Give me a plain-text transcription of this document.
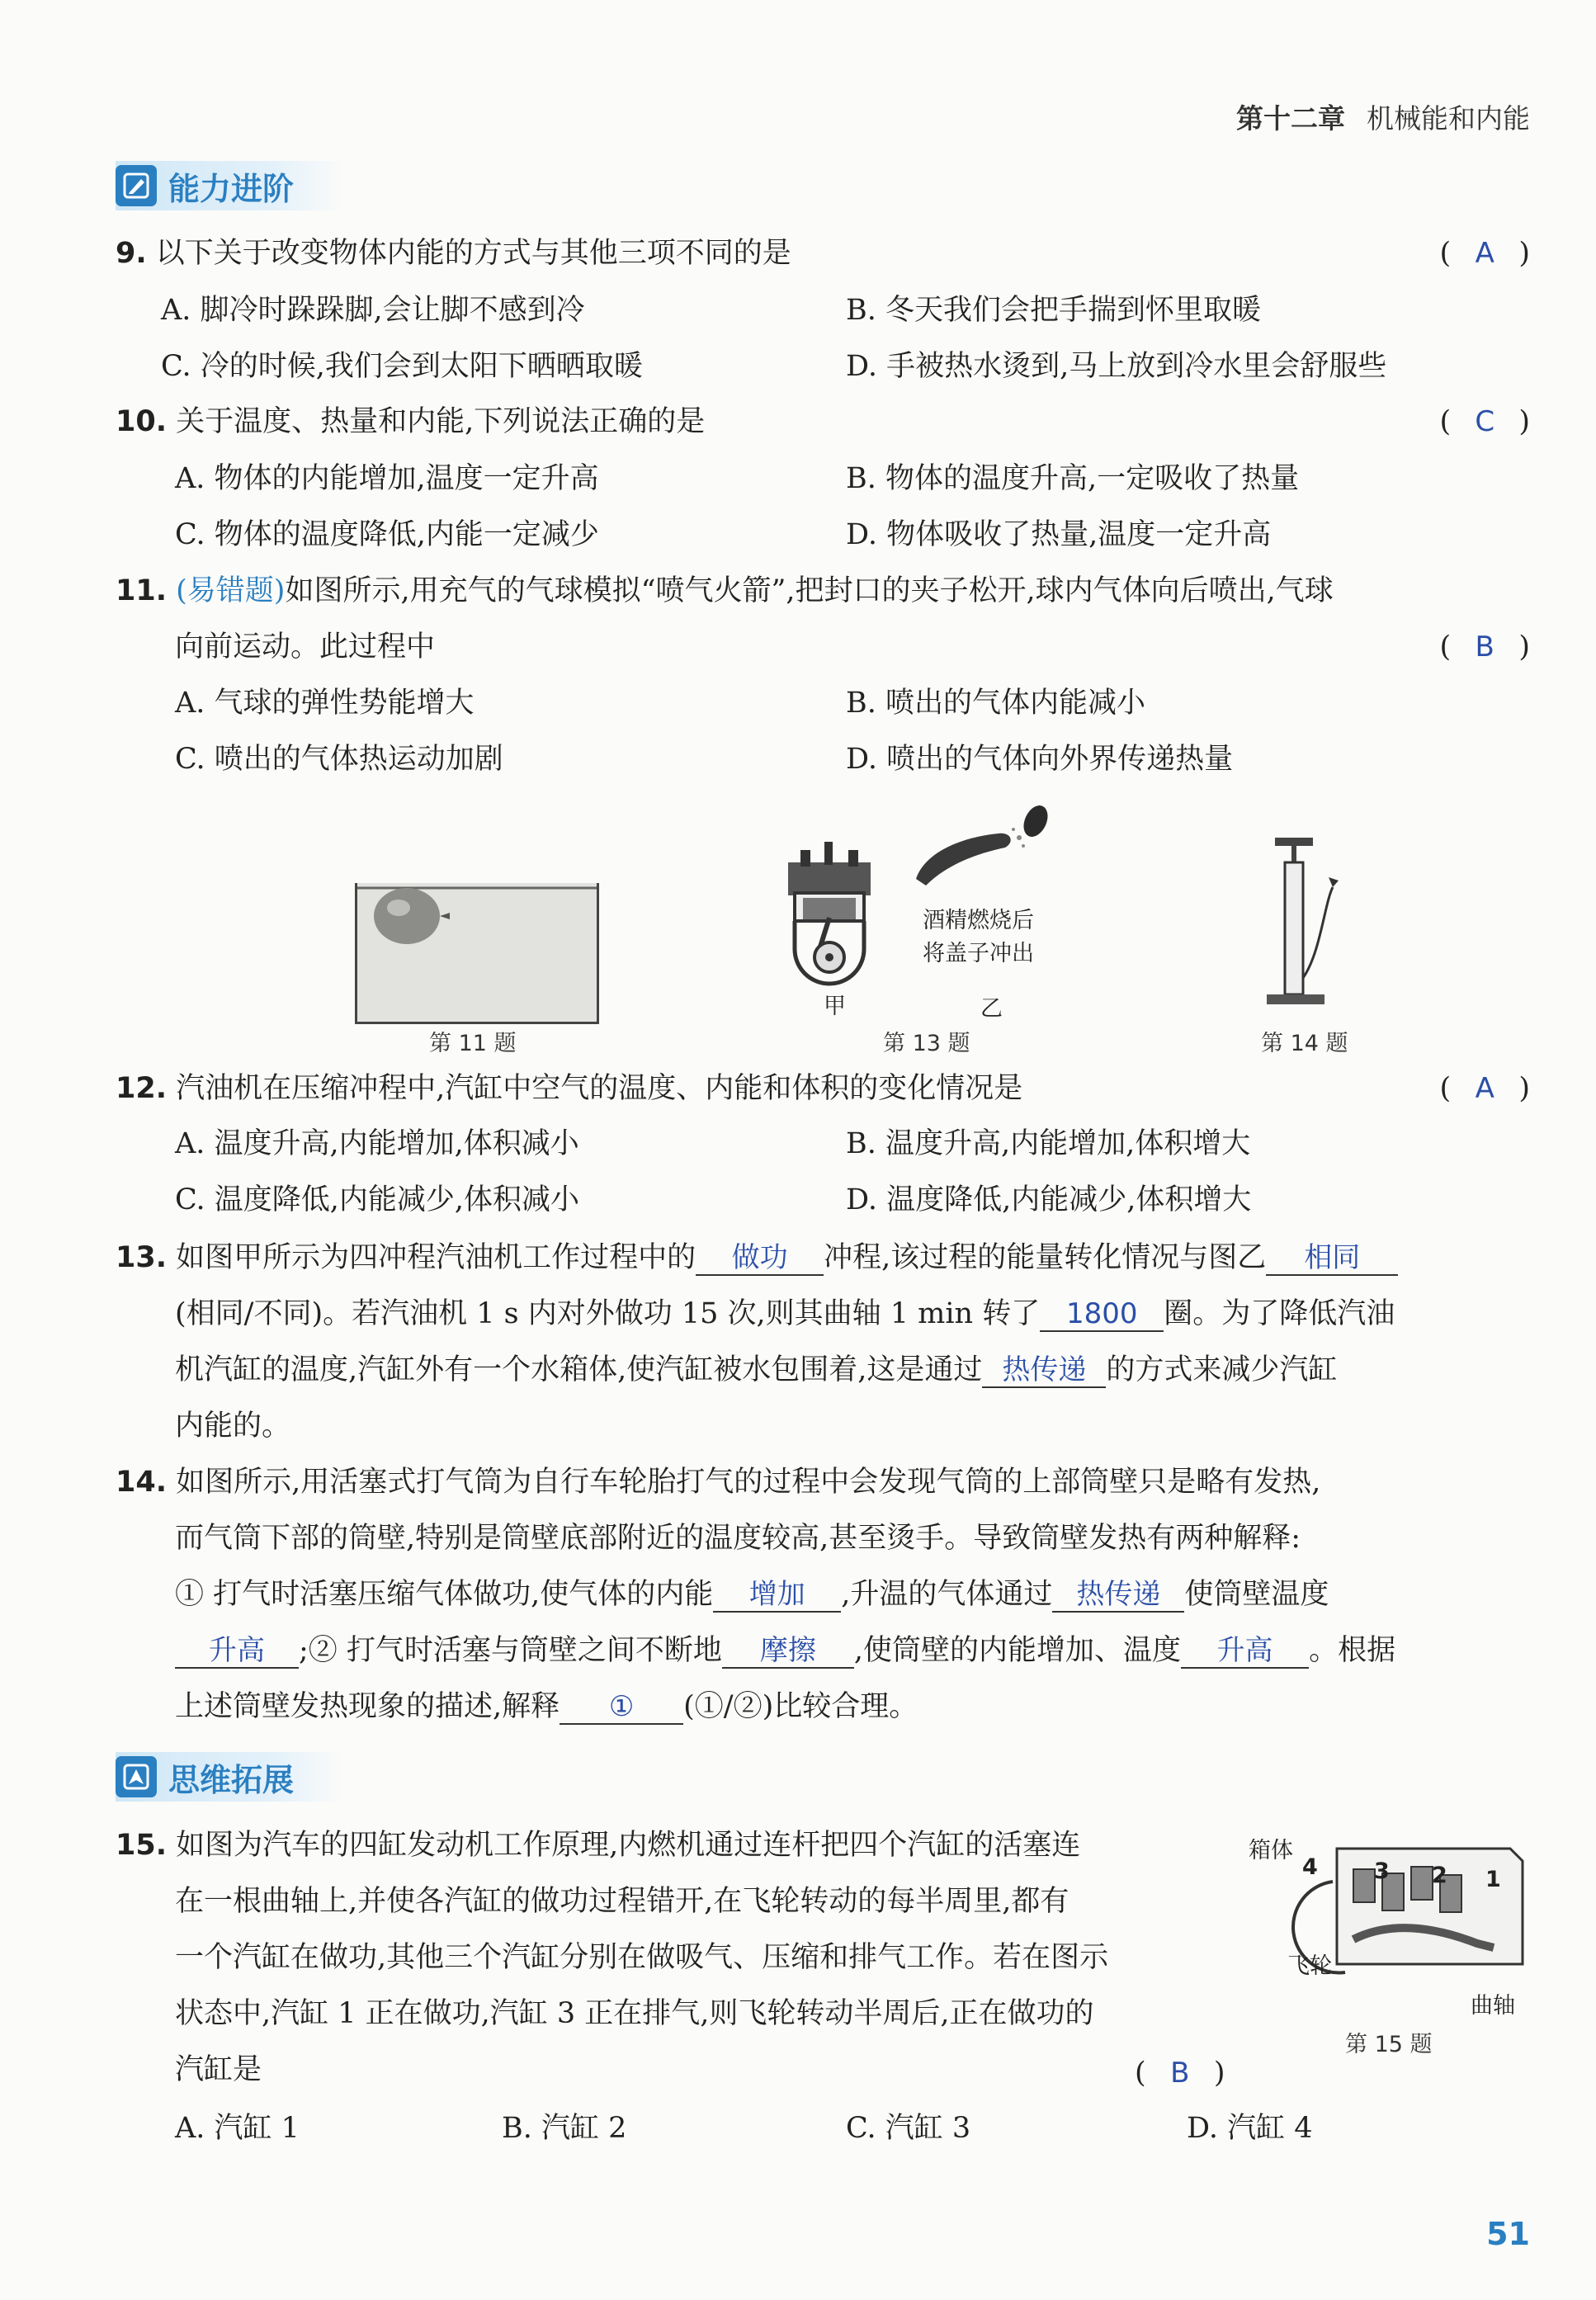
第十二章 机械能和内能
能力进阶
9. 以下关于改变物体内能的方式与其他三项不同的是	( A )
A. 脚冷时跺跺脚,会让脚不感到冷	B. 冬天我们会把手揣到怀里取暖
C. 冷的时候,我们会到太阳下晒晒取暖	D. 手被热水烫到,马上放到冷水里会舒服些
10. 关于温度、热量和内能,下列说法正确的是	( C )
A. 物体的内能增加,温度一定升高	B. 物体的温度升高,一定吸收了热量
C. 物体的温度降低,内能一定减少	D. 物体吸收了热量,温度一定升高
11. (易错题)如图所示,用充气的气球模拟“喷气火箭”,把封口的夹子松开,球内气体向后喷出,气球
向前运动。此过程中	( B )
A. 气球的弹性势能增大	B. 喷出的气体内能减小
C. 喷出的气体热运动加剧	D. 喷出的气体向外界传递热量
第 11 题
甲
酒精燃烧后
将盖子冲出
乙
第 13 题	第 14 题
12. 汽油机在压缩冲程中,汽缸中空气的温度、内能和体积的变化情况是	( A )
A. 温度升高,内能增加,体积减小	B. 温度升高,内能增加,体积增大
C. 温度降低,内能减少,体积减小	D. 温度降低,内能减少,体积增大
13. 如图甲所示为四冲程汽油机工作过程中的 做功 冲程,该过程的能量转化情况与图乙 相同
(相同/不同)。若汽油机 1 s 内对外做功 15 次,则其曲轴 1 min 转了 1800 圈。为了降低汽油
机汽缸的温度,汽缸外有一个水箱体,使汽缸被水包围着,这是通过 热传递 的方式来减少汽缸
内能的。
14. 如图所示,用活塞式打气筒为自行车轮胎打气的过程中会发现气筒的上部筒壁只是略有发热,
而气筒下部的筒壁,特别是筒壁底部附近的温度较高,甚至烫手。导致筒壁发热有两种解释:
① 打气时活塞压缩气体做功,使气体的内能 增加 ,升温的气体通过 热传递 使筒壁温度
升高 ;② 打气时活塞与筒壁之间不断地 摩擦 ,使筒壁的内能增加、温度 升高 。根据
上述筒壁发热现象的描述,解释 ① (①/②)比较合理。
思维拓展
15. 如图为汽车的四缸发动机工作原理,内燃机通过连杆把四个汽缸的活塞连
在一根曲轴上,并使各汽缸的做功过程错开,在飞轮转动的每半周里,都有
一个汽缸在做功,其他三个汽缸分别在做吸气、压缩和排气工作。若在图示
状态中,汽缸 1 正在做功,汽缸 3 正在排气,则飞轮转动半周后,正在做功的
汽缸是	( B )
A. 汽缸 1	B. 汽缸 2	C. 汽缸 3	D. 汽缸 4
4	3 2 1
箱体
飞轮
曲轴
第 15 题
51
